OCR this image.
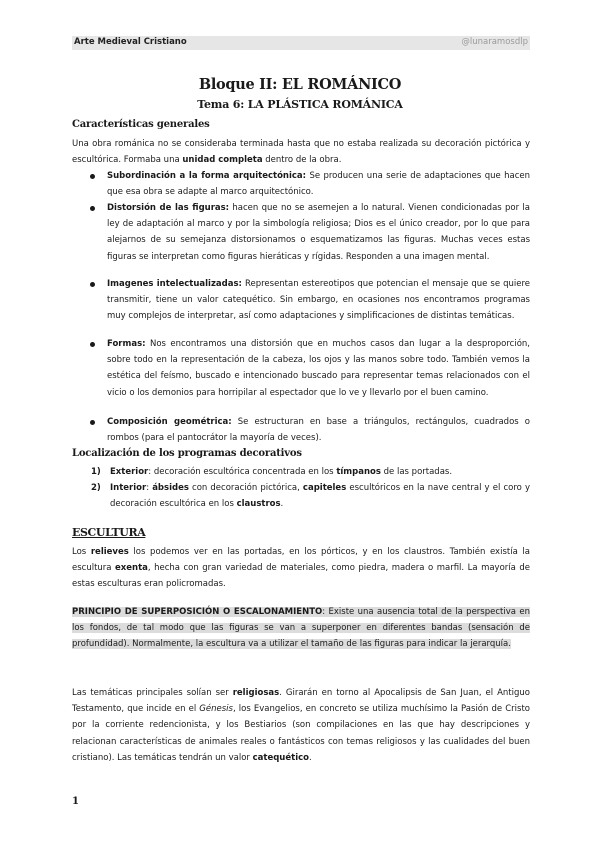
Arte Medieval Cristiano	@lunaramosdlp
Bloque II: EL ROMÁNICO
Tema 6: LA PLÁSTICA ROMÁNICA
Características generales
Una obra románica no se consideraba terminada hasta que no estaba realizada su decoración pictórica y escultórica. Formaba una unidad completa dentro de la obra.
Subordinación a la forma arquitectónica: Se producen una serie de adaptaciones que hacen que esa obra se adapte al marco arquitectónico.
Distorsión de las figuras: hacen que no se asemejen a lo natural. Vienen condicionadas por la ley de adaptación al marco y por la simbología religiosa; Dios es el único creador, por lo que para alejarnos de su semejanza distorsionamos o esquematizamos las figuras. Muchas veces estas figuras se interpretan como figuras hieráticas y rígidas. Responden a una imagen mental.
Imagenes intelectualizadas: Representan estereotipos que potencian el mensaje que se quiere transmitir, tiene un valor catequético. Sin embargo, en ocasiones nos encontramos programas muy complejos de interpretar, así como adaptaciones y simplificaciones de distintas temáticas.
Formas: Nos encontramos una distorsión que en muchos casos dan lugar a la desproporción, sobre todo en la representación de la cabeza, los ojos y las manos sobre todo. También vemos la estética del feísmo, buscado e intencionado buscado para representar temas relacionados con el vicio o los demonios para horripilar al espectador que lo ve y llevarlo por el buen camino.
Composición geométrica: Se estructuran en base a triángulos, rectángulos, cuadrados o rombos (para el pantocrátor la mayoría de veces).
Localización de los programas decorativos
1) Exterior: decoración escultórica concentrada en los tímpanos de las portadas.
2) Interior: ábsides con decoración pictórica, capiteles escultóricos en la nave central y el coro y decoración escultórica en los claustros.
ESCULTURA
Los relieves los podemos ver en las portadas, en los pórticos, y en los claustros. También existía la escultura exenta, hecha con gran variedad de materiales, como piedra, madera o marfil. La mayoría de estas esculturas eran policromadas.
PRINCIPIO DE SUPERPOSICIÓN O ESCALONAMIENTO: Existe una ausencia total de la perspectiva en los fondos, de tal modo que las figuras se van a superponer en diferentes bandas (sensación de profundidad). Normalmente, la escultura va a utilizar el tamaño de las figuras para indicar la jerarquía.
Las temáticas principales solían ser religiosas. Girarán en torno al Apocalipsis de San Juan, el Antiguo Testamento, que incide en el Génesis, los Evangelios, en concreto se utiliza muchísimo la Pasión de Cristo por la corriente redencionista, y los Bestiarios (son compilaciones en las que hay descripciones y relacionan características de animales reales o fantásticos con temas religiosos y las cualidades del buen cristiano). Las temáticas tendrán un valor catequético.
1
